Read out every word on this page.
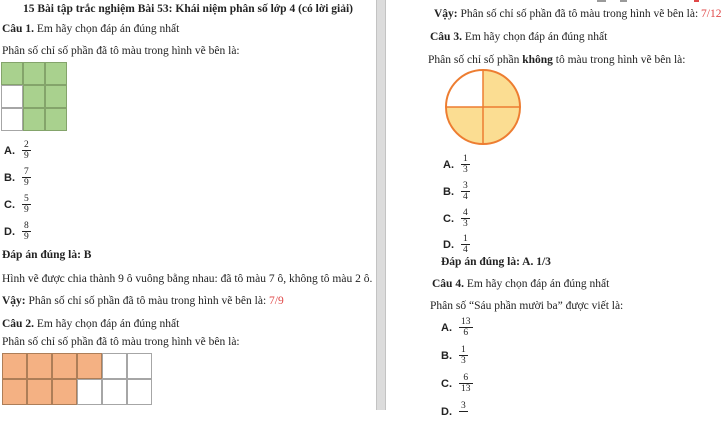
15 Bài tập trắc nghiệm Bài 53: Khái niệm phân số lớp 4 (có lời giải)
Câu 1. Em hãy chọn đáp án đúng nhất
Phân số chỉ số phần đã tô màu trong hình vẽ bên là:
A. $\frac{2}{9}$
B. $\frac{7}{9}$
C. $\frac{5}{9}$
D. $\frac{8}{9}$
Đáp án đúng là: B
Hình vẽ được chia thành 9 ô vuông bằng nhau: đã tô màu 7 ô, không tô màu 2 ô.
Vậy: Phân số chỉ số phần đã tô màu trong hình vẽ bên là: 7/9
Câu 2. Em hãy chọn đáp án đúng nhất
Phân số chỉ số phần đã tô màu trong hình vẽ bên là:
Vậy: Phân số chỉ số phần đã tô màu trong hình vẽ bên là: 7/12
Câu 3. Em hãy chọn đáp án đúng nhất
Phân số chỉ số phần không tô màu trong hình vẽ bên là:
A. $\frac{1}{3}$
B. $\frac{3}{4}$
C. $\frac{4}{3}$
D. $\frac{1}{4}$
Đáp án đúng là: A. 1/3
Câu 4. Em hãy chọn đáp án đúng nhất
Phân số “Sáu phần mười ba” được viết là:
A. $\frac{13}{6}$
B. $\frac{1}{3}$
C. $\frac{6}{13}$
D. 3
